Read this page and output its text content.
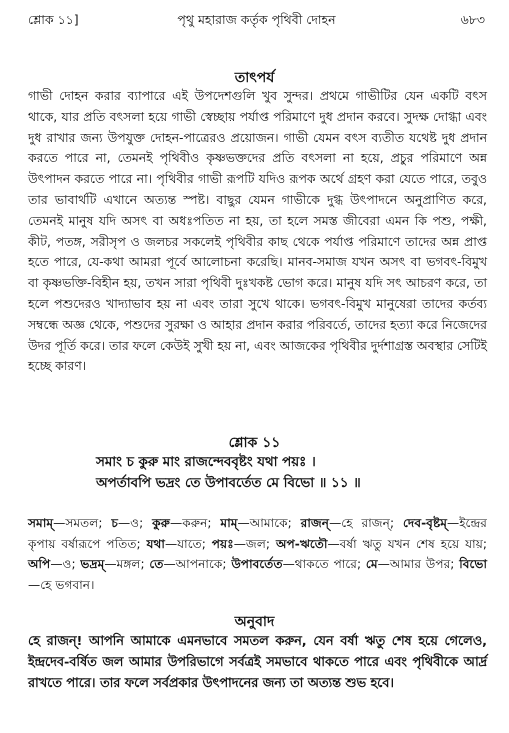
শ্লোক ১১]	পৃথু মহারাজ কর্তৃক পৃথিবী দোহন	৬৮৩
তাৎপর্য
গাভী দোহন করার ব্যাপারে এই উপদেশগুলি খুব সুন্দর। প্রথমে গাভীটির যেন একটি বৎস থাকে, যার প্রতি বৎসলা হয়ে গাভী স্বেচ্ছায় পর্যাপ্ত পরিমাণে দুধ প্রদান করবে। সুদক্ষ দোগ্ধা এবং দুধ রাখার জন্য উপযুক্ত দোহন-পাত্রেরও প্রয়োজন। গাভী যেমন বৎস ব্যতীত যথেষ্ট দুধ প্রদান করতে পারে না, তেমনই পৃথিবীও কৃষ্ণভক্তদের প্রতি বৎসলা না হয়ে, প্রচুর পরিমাণে অন্ন উৎপাদন করতে পারে না। পৃথিবীর গাভী রূপটি যদিও রূপক অর্থে গ্রহণ করা যেতে পারে, তবুও তার ভাবার্থটি এখানে অত্যন্ত স্পষ্ট। বাছুর যেমন গাভীকে দুগ্ধ উৎপাদনে অনুপ্রাণিত করে, তেমনই মানুষ যদি অসৎ বা অধঃপতিত না হয়, তা হলে সমস্ত জীবেরা এমন কি পশু, পক্ষী, কীট, পতঙ্গ, সরীসৃপ ও জলচর সকলেই পৃথিবীর কাছ থেকে পর্যাপ্ত পরিমাণে তাদের অন্ন প্রাপ্ত হতে পারে, যে-কথা আমরা পূর্বে আলোচনা করেছি। মানব-সমাজ যখন অসৎ বা ভগবৎ-বিমুখ বা কৃষ্ণভক্তি-বিহীন হয়, তখন সারা পৃথিবী দুঃখকষ্ট ভোগ করে। মানুষ যদি সৎ আচরণ করে, তা হলে পশুদেরও খাদ্যাভাব হয় না এবং তারা সুখে থাকে। ভগবৎ-বিমুখ মানুষেরা তাদের কর্তব্য সম্বন্ধে অজ্ঞ থেকে, পশুদের সুরক্ষা ও আহার প্রদান করার পরিবর্তে, তাদের হত্যা করে নিজেদের উদর পূর্তি করে। তার ফলে কেউই সুখী হয় না, এবং আজকের পৃথিবীর দুর্দশাগ্রস্ত অবস্থার সেটিই হচ্ছে কারণ।
শ্লোক ১১
সমাং চ কুরু মাং রাজন্দেববৃষ্টং যথা পয়ঃ ।
অপর্তাবপি ভদ্রং তে উপাবর্তেত মে বিভো ॥ ১১ ॥
সমাম্—সমতল; চ—ও; কুরু—করুন; মাম্—আমাকে; রাজন্—হে রাজন্; দেব-বৃষ্টম্—ইন্দ্রের কৃপায় বর্ষারূপে পতিত; যথা—যাতে; পয়ঃ—জল; অপ-ঋতৌ—বর্ষা ঋতু যখন শেষ হয়ে যায়; অপি—ও; ভদ্রম্—মঙ্গল; তে—আপনাকে; উপাবর্তেত—থাকতে পারে; মে—আমার উপর; বিভো—হে ভগবান।
অনুবাদ
হে রাজন্! আপনি আমাকে এমনভাবে সমতল করুন, যেন বর্ষা ঋতু শেষ হয়ে গেলেও, ইন্দ্রদেব-বর্ষিত জল আমার উপরিভাগে সর্বত্রই সমভাবে থাকতে পারে এবং পৃথিবীকে আর্দ্র রাখতে পারে। তার ফলে সর্বপ্রকার উৎপাদনের জন্য তা অত্যন্ত শুভ হবে।
